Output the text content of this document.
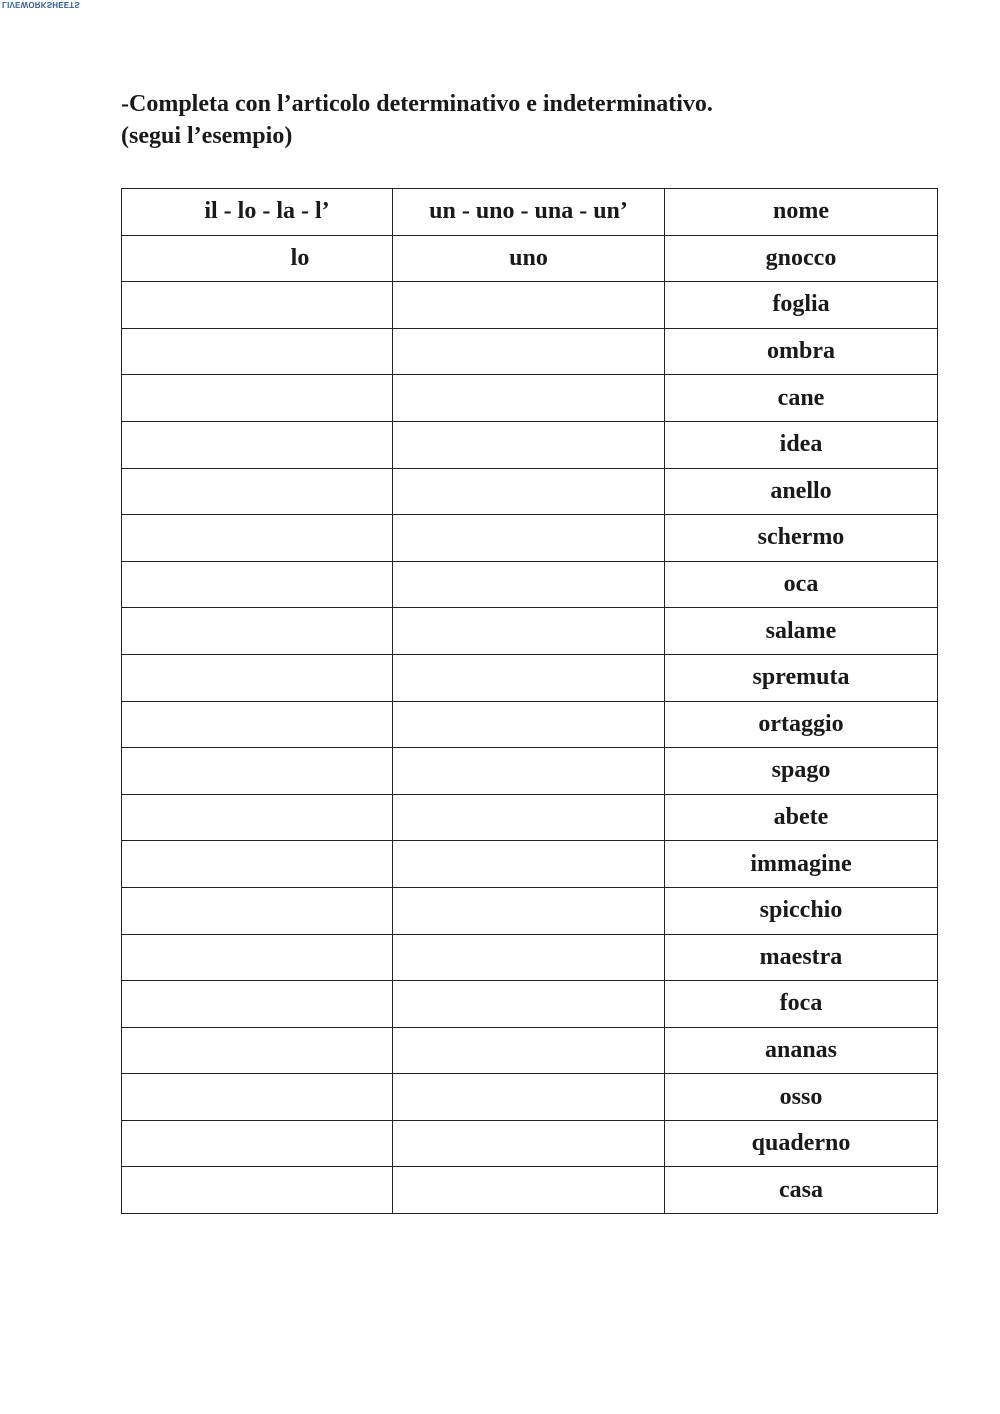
LIVEWORKSHEETS
-Completa con l’articolo determinativo e indeterminativo.
(segui l’esempio)
il - lo - la - l’	un - uno - una - un’	nome
lo	uno	gnocco
		foglia
		ombra
		cane
		idea
		anello
		schermo
		oca
		salame
		spremuta
		ortaggio
		spago
		abete
		immagine
		spicchio
		maestra
		foca
		ananas
		osso
		quaderno
		casa
